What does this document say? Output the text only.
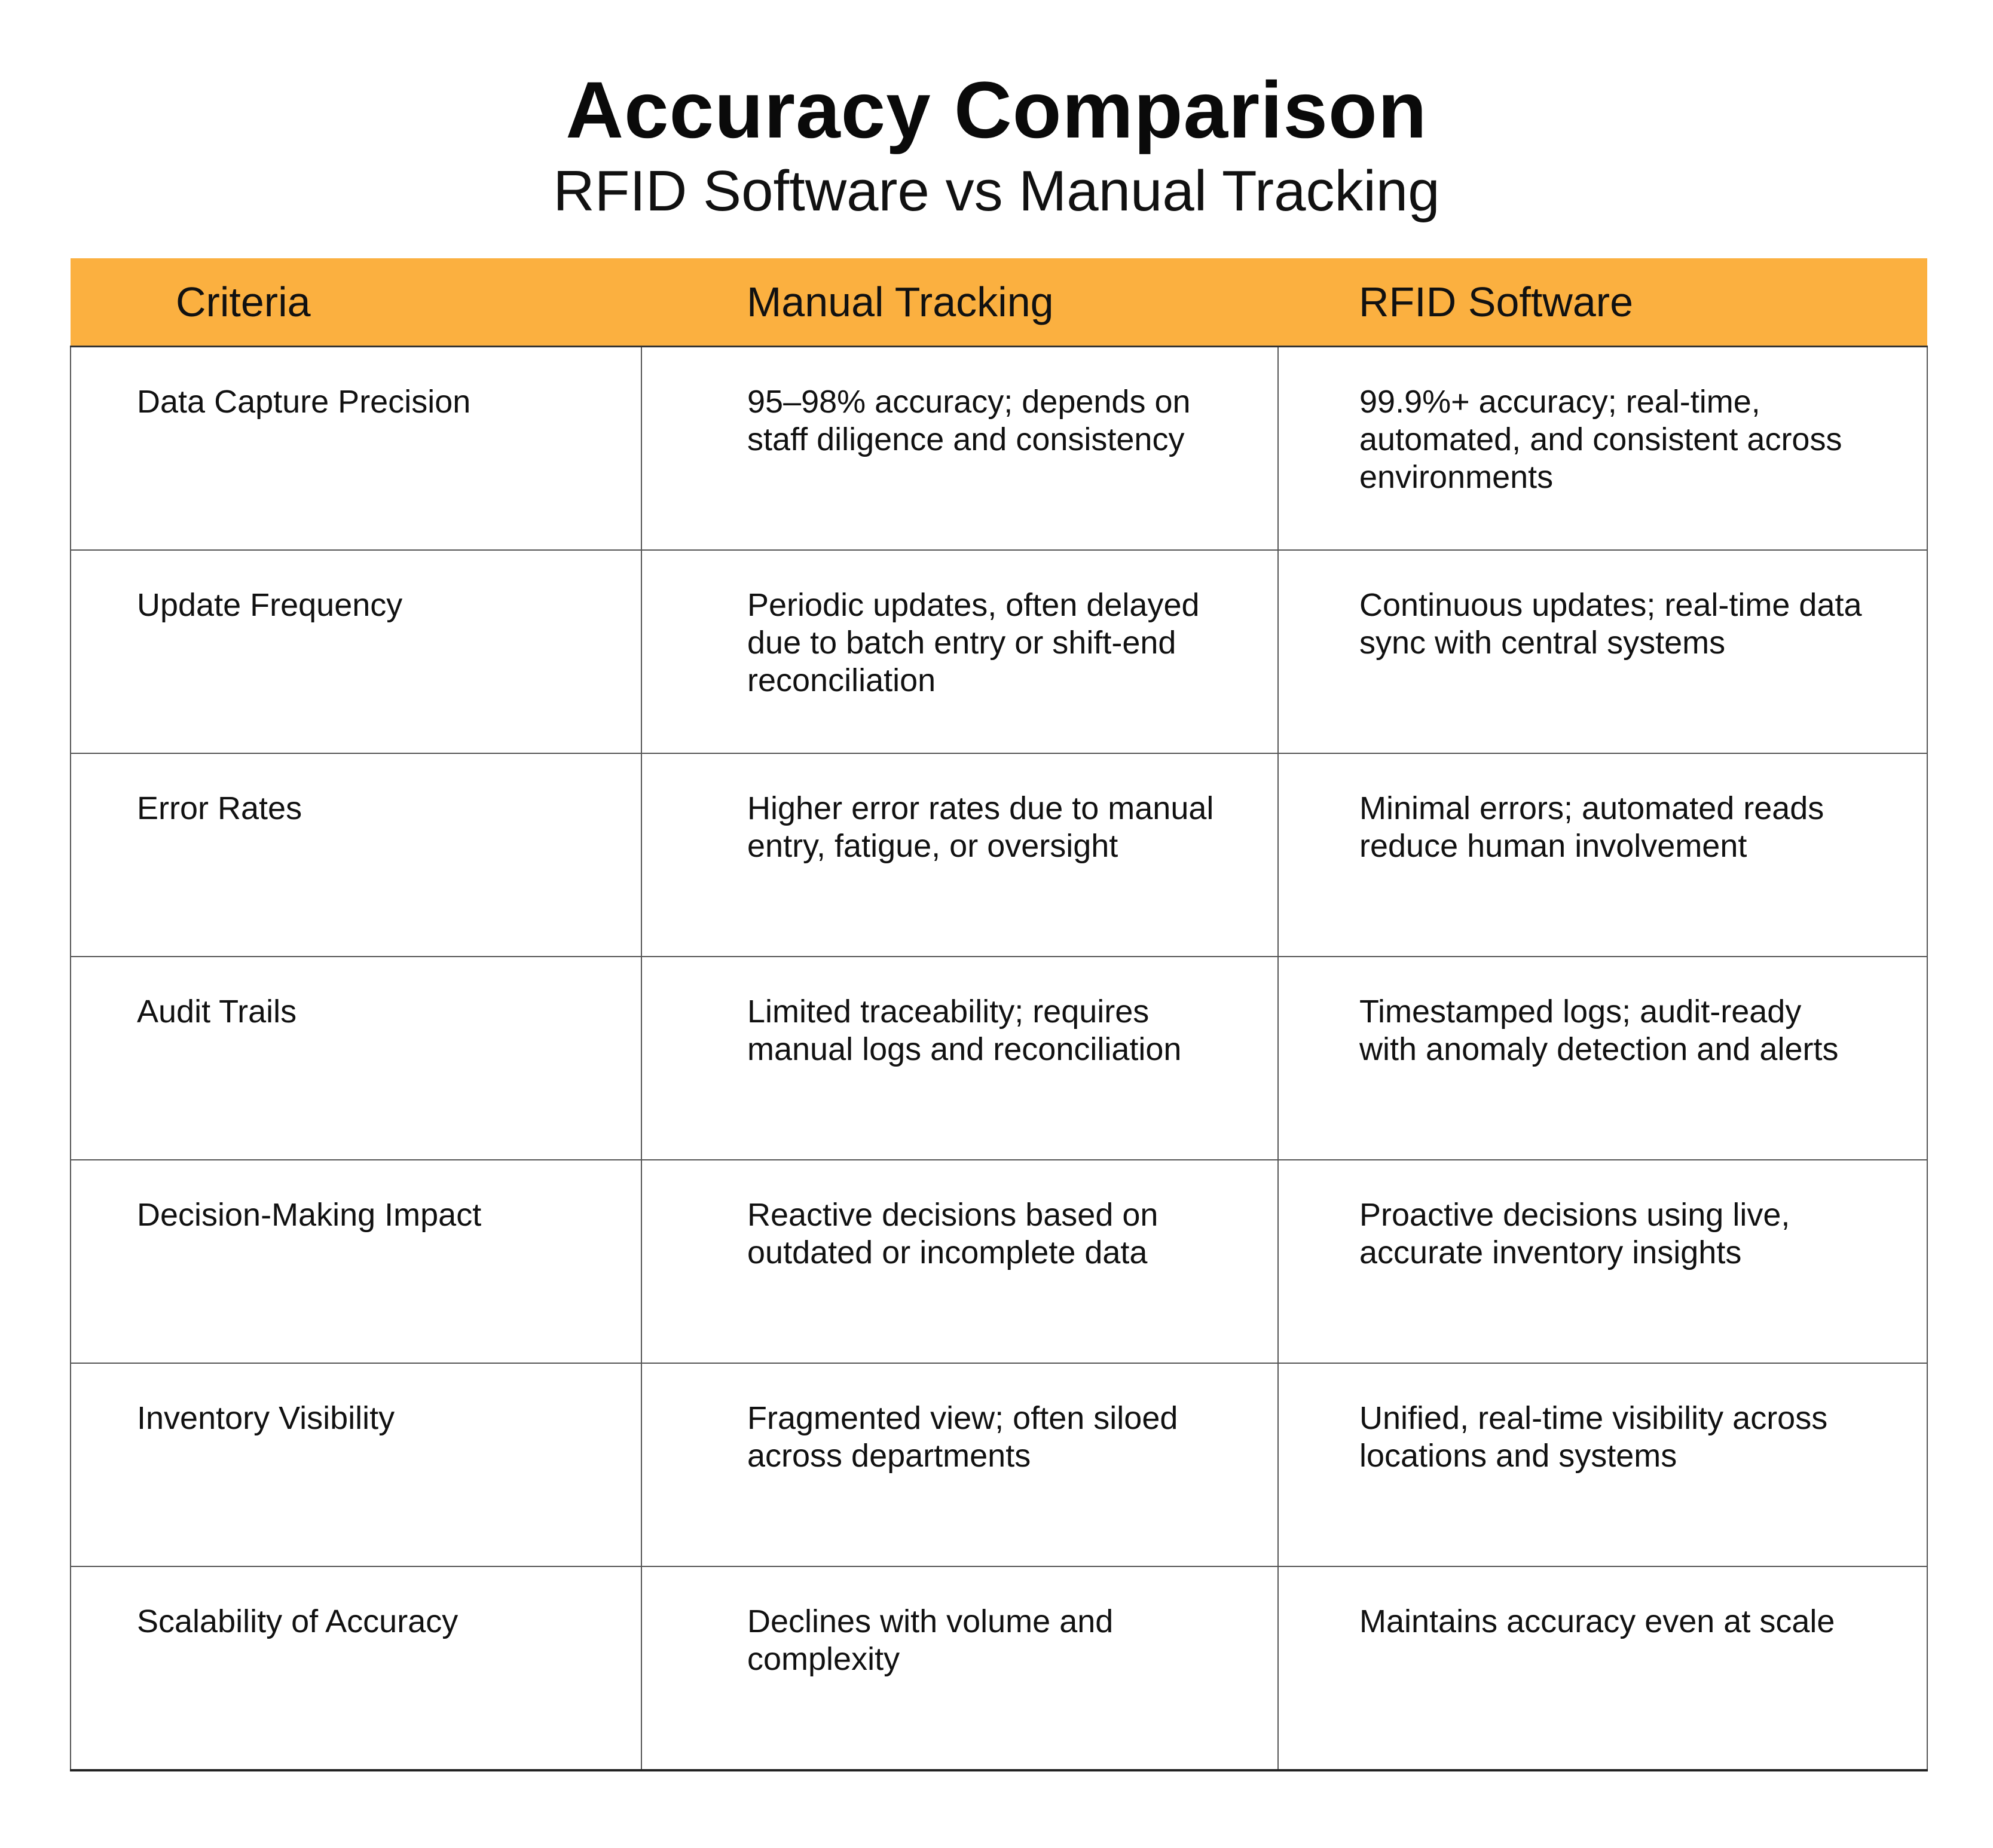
Accuracy Comparison
RFID Software vs Manual Tracking
Criteria	Manual Tracking	RFID Software

Data Capture Precision	95–98% accuracy; depends on staff diligence and consistency	99.9%+ accuracy; real-time, automated, and consistent across environments

Update Frequency	Periodic updates, often delayed due to batch entry or shift-end reconciliation	Continuous updates; real-time data sync with central systems

Error Rates	Higher error rates due to manual entry, fatigue, or oversight	Minimal errors; automated reads reduce human involvement

Audit Trails	Limited traceability; requires manual logs and reconciliation	Timestamped logs; audit-ready with anomaly detection and alerts

Decision-Making Impact	Reactive decisions based on outdated or incomplete data	Proactive decisions using live, accurate inventory insights

Inventory Visibility	Fragmented view; often siloed across departments	Unified, real-time visibility across locations and systems

Scalability of Accuracy	Declines with volume and complexity	Maintains accuracy even at scale
